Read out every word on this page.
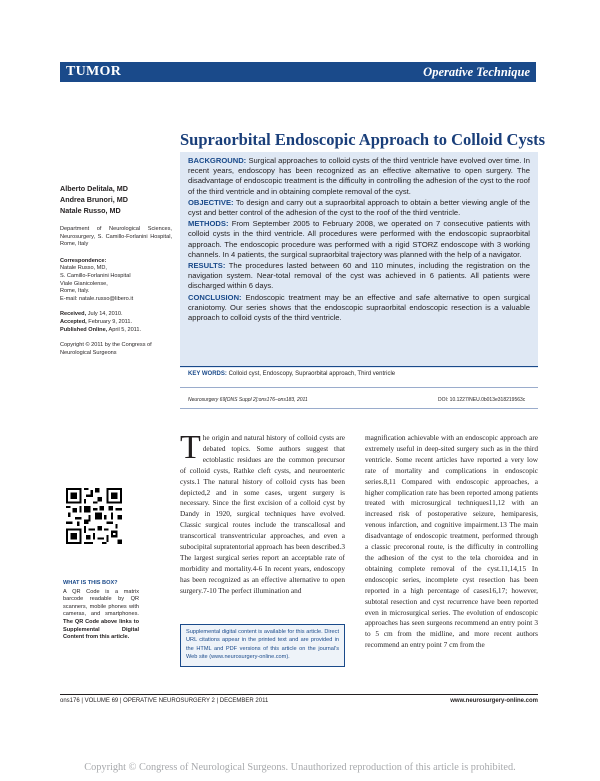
TUMOR	Operative Technique
Supraorbital Endoscopic Approach to Colloid Cysts
Alberto Delitala, MD
Andrea Brunori, MD
Natale Russo, MD
Department of Neurological Sciences, Neurosurgery, S. Camillo-Forlanini Hospital, Rome, Italy
Correspondence:
Natale Russo, MD,
S. Camillo-Forlanini Hospital
Viale Gianicolense,
Rome, Italy.
E-mail: natale.russo@libero.it
Received, July 14, 2010.
Accepted, February 9, 2011.
Published Online, April 5, 2011.
Copyright © 2011 by the Congress of Neurological Surgeons

BACKGROUND: Surgical approaches to colloid cysts of the third ventricle have evolved over time. In recent years, endoscopy has been recognized as an effective alternative to open surgery. The disadvantage of endoscopic treatment is the difficulty in controlling the adhesion of the cyst to the roof of the third ventricle and in obtaining complete removal of the cyst.

OBJECTIVE: To design and carry out a supraorbital approach to obtain a better viewing angle of the cyst and better control of the adhesion of the cyst to the roof of the third ventricle.

METHODS: From September 2005 to February 2008, we operated on 7 consecutive patients with colloid cysts in the third ventricle. All procedures were performed with the endoscopic supraorbital approach. The endoscopic procedure was performed with a rigid STORZ endoscope with 3 working channels. In 4 patients, the surgical supraorbital trajectory was planned with the help of a navigator.

RESULTS: The procedures lasted between 60 and 110 minutes, including the registration on the navigation system. Near-total removal of the cyst was achieved in 6 patients. All patients were discharged within 6 days.

CONCLUSION: Endoscopic treatment may be an effective and safe alternative to open surgical craniotomy. Our series shows that the endoscopic supraorbital endoscopic resection is a valuable approach to colloid cysts of the third ventricle.

KEY WORDS: Colloid cyst, Endoscopy, Supraorbital approach, Third ventricle
Neurosurgery 69[ONS Suppl 2]:ons176–ons183, 2011	DOI: 10.1227/NEU.0b013e318219563c
The origin and natural history of colloid cysts are debated topics. Some authors suggest that ectoblastic residues are the common precursor of colloid cysts, Rathke cleft cysts, and neuroenteric cysts.1 The natural history of colloid cysts has been depicted,2 and in some cases, urgent surgery is necessary. Since the first excision of a colloid cyst by Dandy in 1920, surgical techniques have evolved. Classic surgical routes include the transcallosal and transcortical transventricular approaches, and even a subocipital supratentorial approach has been described.3 The largest surgical series report an acceptable rate of morbidity and mortality.4-6 In recent years, endoscopy has been recognized as an effective alternative to open surgery.7-10 The perfect illumination and
magnification achievable with an endoscopic approach are extremely useful in deep-sited surgery such as in the third ventricle. Some recent articles have reported a very low rate of mortality and complications in endoscopic series.8,11 Compared with endoscopic approaches, a higher complication rate has been reported among patients treated with microsurgical techniques11,12 with an increased risk of postoperative seizure, hemiparesis, venous infarction, and cognitive impairment.13 The main disadvantage of endoscopic treatment, performed through a classic precoronal route, is the difficulty in controlling the adhesion of the cyst to the tela choroidea and in obtaining complete removal of the cyst.11,14,15 In endoscopic series, incomplete cyst resection has been reported in a high percentage of cases16,17; however, subtotal resection and cyst recurrence have been reported even in microsurgical series. The evolution of endoscopic approaches has seen surgeons recommend an entry point 3 to 5 cm from the midline, and more recent authors recommend an entry point 7 cm from the
WHAT IS THIS BOX?
A QR Code is a matrix barcode readable by QR scanners, mobile phones with cameras, and smartphones. The QR Code above links to Supplemental Digital Content from this article.
Supplemental digital content is available for this article. Direct URL citations appear in the printed text and are provided in the HTML and PDF versions of this article on the journal's Web site (www.neurosurgery-online.com).
ons176 | VOLUME 69 | OPERATIVE NEUROSURGERY 2 | DECEMBER 2011	www.neurosurgery-online.com
Copyright © Congress of Neurological Surgeons. Unauthorized reproduction of this article is prohibited.
